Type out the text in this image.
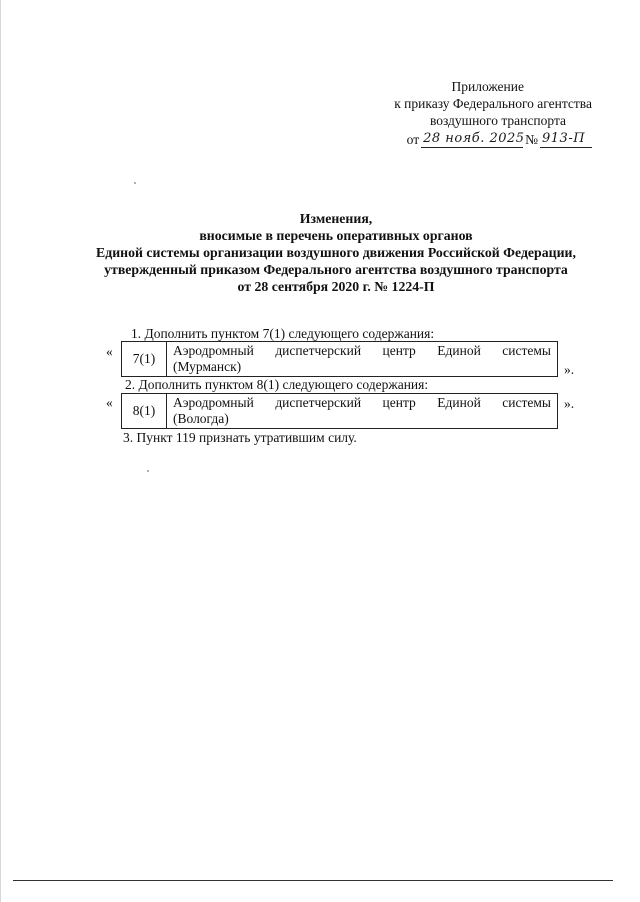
Приложение
к приказу Федерального агентства
воздушного транспорта
от 28 нояб. 2025 № 913-П
Изменения,
вносимые в перечень оперативных органов
Единой системы организации воздушного движения Российской Федерации,
утвержденный приказом Федерального агентства воздушного транспорта
от 28 сентября 2020 г. № 1224-П
1. Дополнить пунктом 7(1) следующего содержания:
«	7(1)
Аэродромный диспетчерский центр Единой системы
(Мурманск)	».
2. Дополнить пунктом 8(1) следующего содержания:
«
8(1)
Аэродромный диспетчерский центр Единой системы
(Вологда)
».
3. Пункт 119 признать утратившим силу.
